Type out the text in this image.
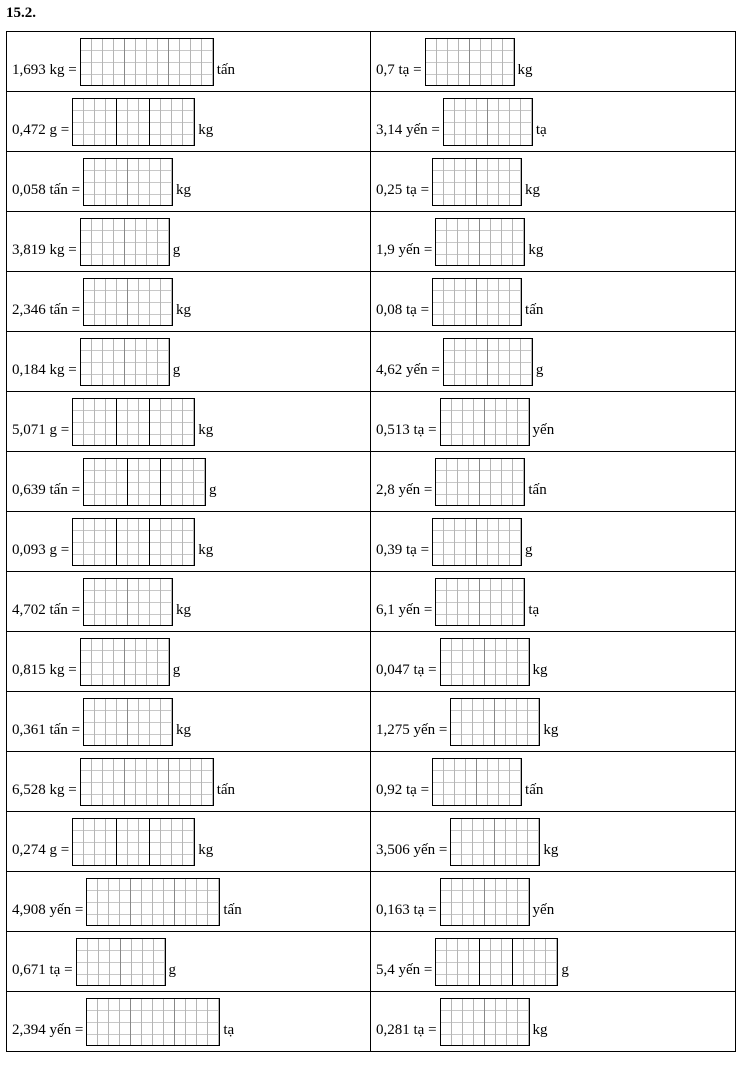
15.2.
1,693 kg = tấn	0,7 tạ = kg

0,472 g = kg	3,14 yến = tạ

0,058 tấn = kg	0,25 tạ = kg

3,819 kg = g	1,9 yến = kg

2,346 tấn = kg	0,08 tạ = tấn

0,184 kg = g	4,62 yến = g

5,071 g = kg	0,513 tạ = yến

0,639 tấn = g	2,8 yến = tấn

0,093 g = kg	0,39 tạ = g

4,702 tấn = kg	6,1 yến = tạ

0,815 kg = g	0,047 tạ = kg

0,361 tấn = kg	1,275 yến = kg

6,528 kg = tấn	0,92 tạ = tấn

0,274 g = kg	3,506 yến = kg

4,908 yến = tấn	0,163 tạ = yến

0,671 tạ = g	5,4 yến = g

2,394 yến = tạ	0,281 tạ = kg
